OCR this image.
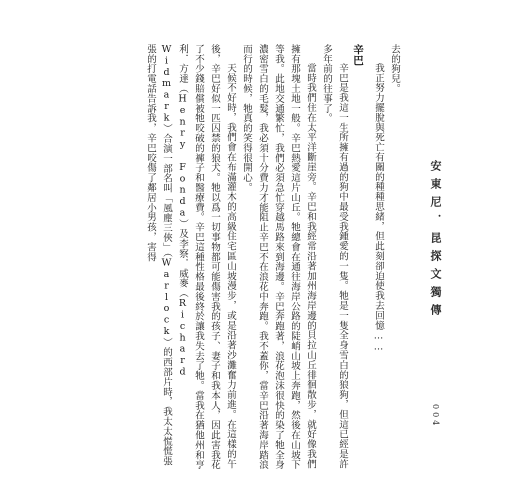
安東尼．昆探文獨傳

去的狗兒。

我正努力擺脫與死亡有關的種種思緒，但此刻卻迫使我去回憶……

辛巴

辛巴是我這一生所擁有過的狗中最受我鍾愛的一隻。牠是一隻全身雪白的狼狗，但這已經是許多年前的往事了。

當時我們住在太平洋斷崖旁。辛巴和我經常沿著加州海岸邊的貝拉山丘徘徊散步，就好像我們擁有那塊土地一般。辛巴熱愛這片山丘。牠總會在通往海岸公路的陡峭山坡上奔跑，然後在山坡下等我。此地交通繁忙，我們必須急忙穿越馬路來到海邊。辛巴奔跑著，浪花泡沫很快的染了牠全身濃密雪白的毛髮，我必須十分費力才能阻止辛巴不在浪花中奔跑。我不蓋你，當辛巴沿著海岸踏浪而行的時候，牠真的笑得很開心。

天候不好時，我們會在布滿灌木的高級住宅區山坡漫步，或是沿著沙灘奮力前進。在這樣的午後，辛巴好似一匹囚禁的狼犬。牠以爲一切事物都可能傷害我的孩子、妻子和我本人，因此害我花了不少錢賠償被牠咬破的褲子和醫療費。辛巴這種性格最後終於讓我失去了牠。當我在猶他州和亨利．方達（Henry Fonda）及李察．威麥（Richard Widmark）合演一部名叫「風塵三俠」（Warlock）的西部片時，我太太慌慌張張的打電話告訴我，辛巴咬傷了鄰居小男孩，害得

004
